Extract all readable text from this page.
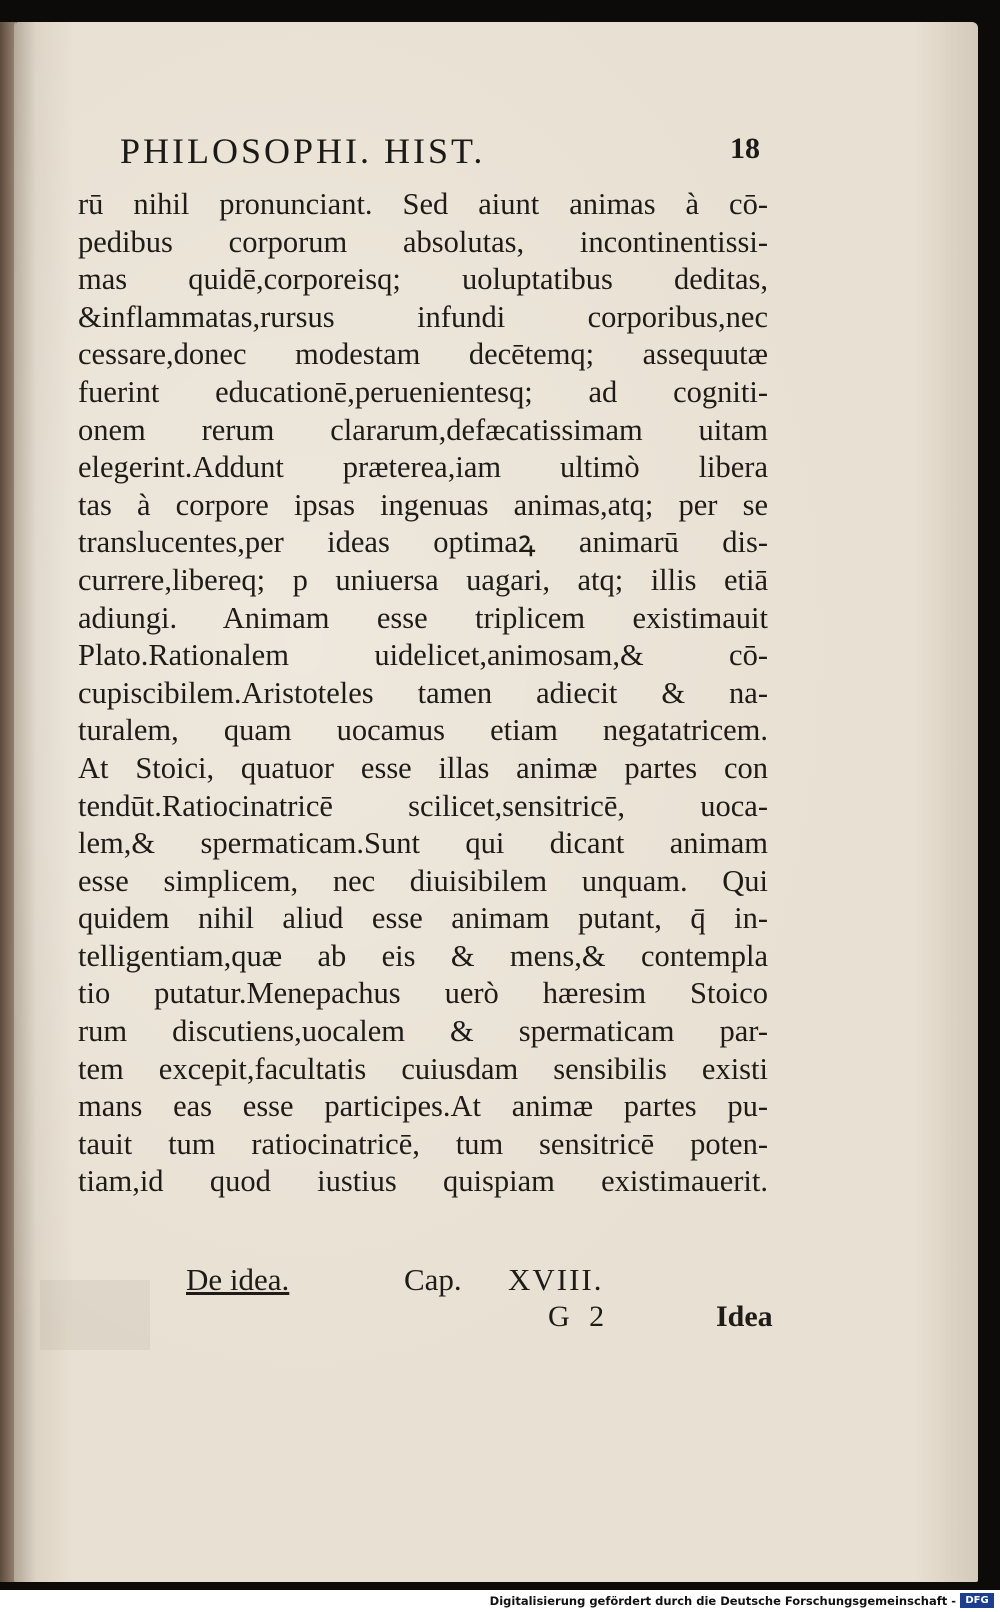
PHILOSOPHI. HIST.	18
rū nihil pronunciant. Sed aiunt animas à cō-
pedibus corporum absolutas, incontinentissi-
mas quidē,corporeisq; uoluptatibus deditas,
&inflammatas,rursus infundi corporibus,nec
cessare,donec modestam decētemq; assequutæ
fuerint educationē,peruenientesq; ad cogniti-
onem rerum clararum,defæcatissimam uitam
elegerint.Addunt præterea,iam ultimò libera
tas à corpore ipsas ingenuas animas,atq; per se
translucentes,per ideas optimaꝝ animarū dis-
currere,libereq; p uniuersa uagari, atq; illis etiā
adiungi. Animam esse triplicem existimauit
Plato.Rationalem uidelicet,animosam,& cō-
cupiscibilem.Aristoteles tamen adiecit & na-
turalem, quam uocamus etiam negatatricem.
At Stoici, quatuor esse illas animæ partes con
tendūt.Ratiocinatricē scilicet,sensitricē, uoca-
lem,& spermaticam.Sunt qui dicant animam
esse simplicem, nec diuisibilem unquam. Qui
quidem nihil aliud esse animam putant, q̄ in-
telligentiam,quæ ab eis & mens,& contempla
tio putatur.Menepachus uerò hæresim Stoico
rum discutiens,uocalem & spermaticam par-
tem excepit,facultatis cuiusdam sensibilis existi
mans eas esse participes.At animæ partes pu-
tauit tum ratiocinatricē, tum sensitricē poten-
tiam,id quod iustius quispiam existimauerit.
De idea.	Cap. XVIII.
G 2	Idea
Digitalisierung gefördert durch die Deutsche Forschungsgemeinschaft - DFG
